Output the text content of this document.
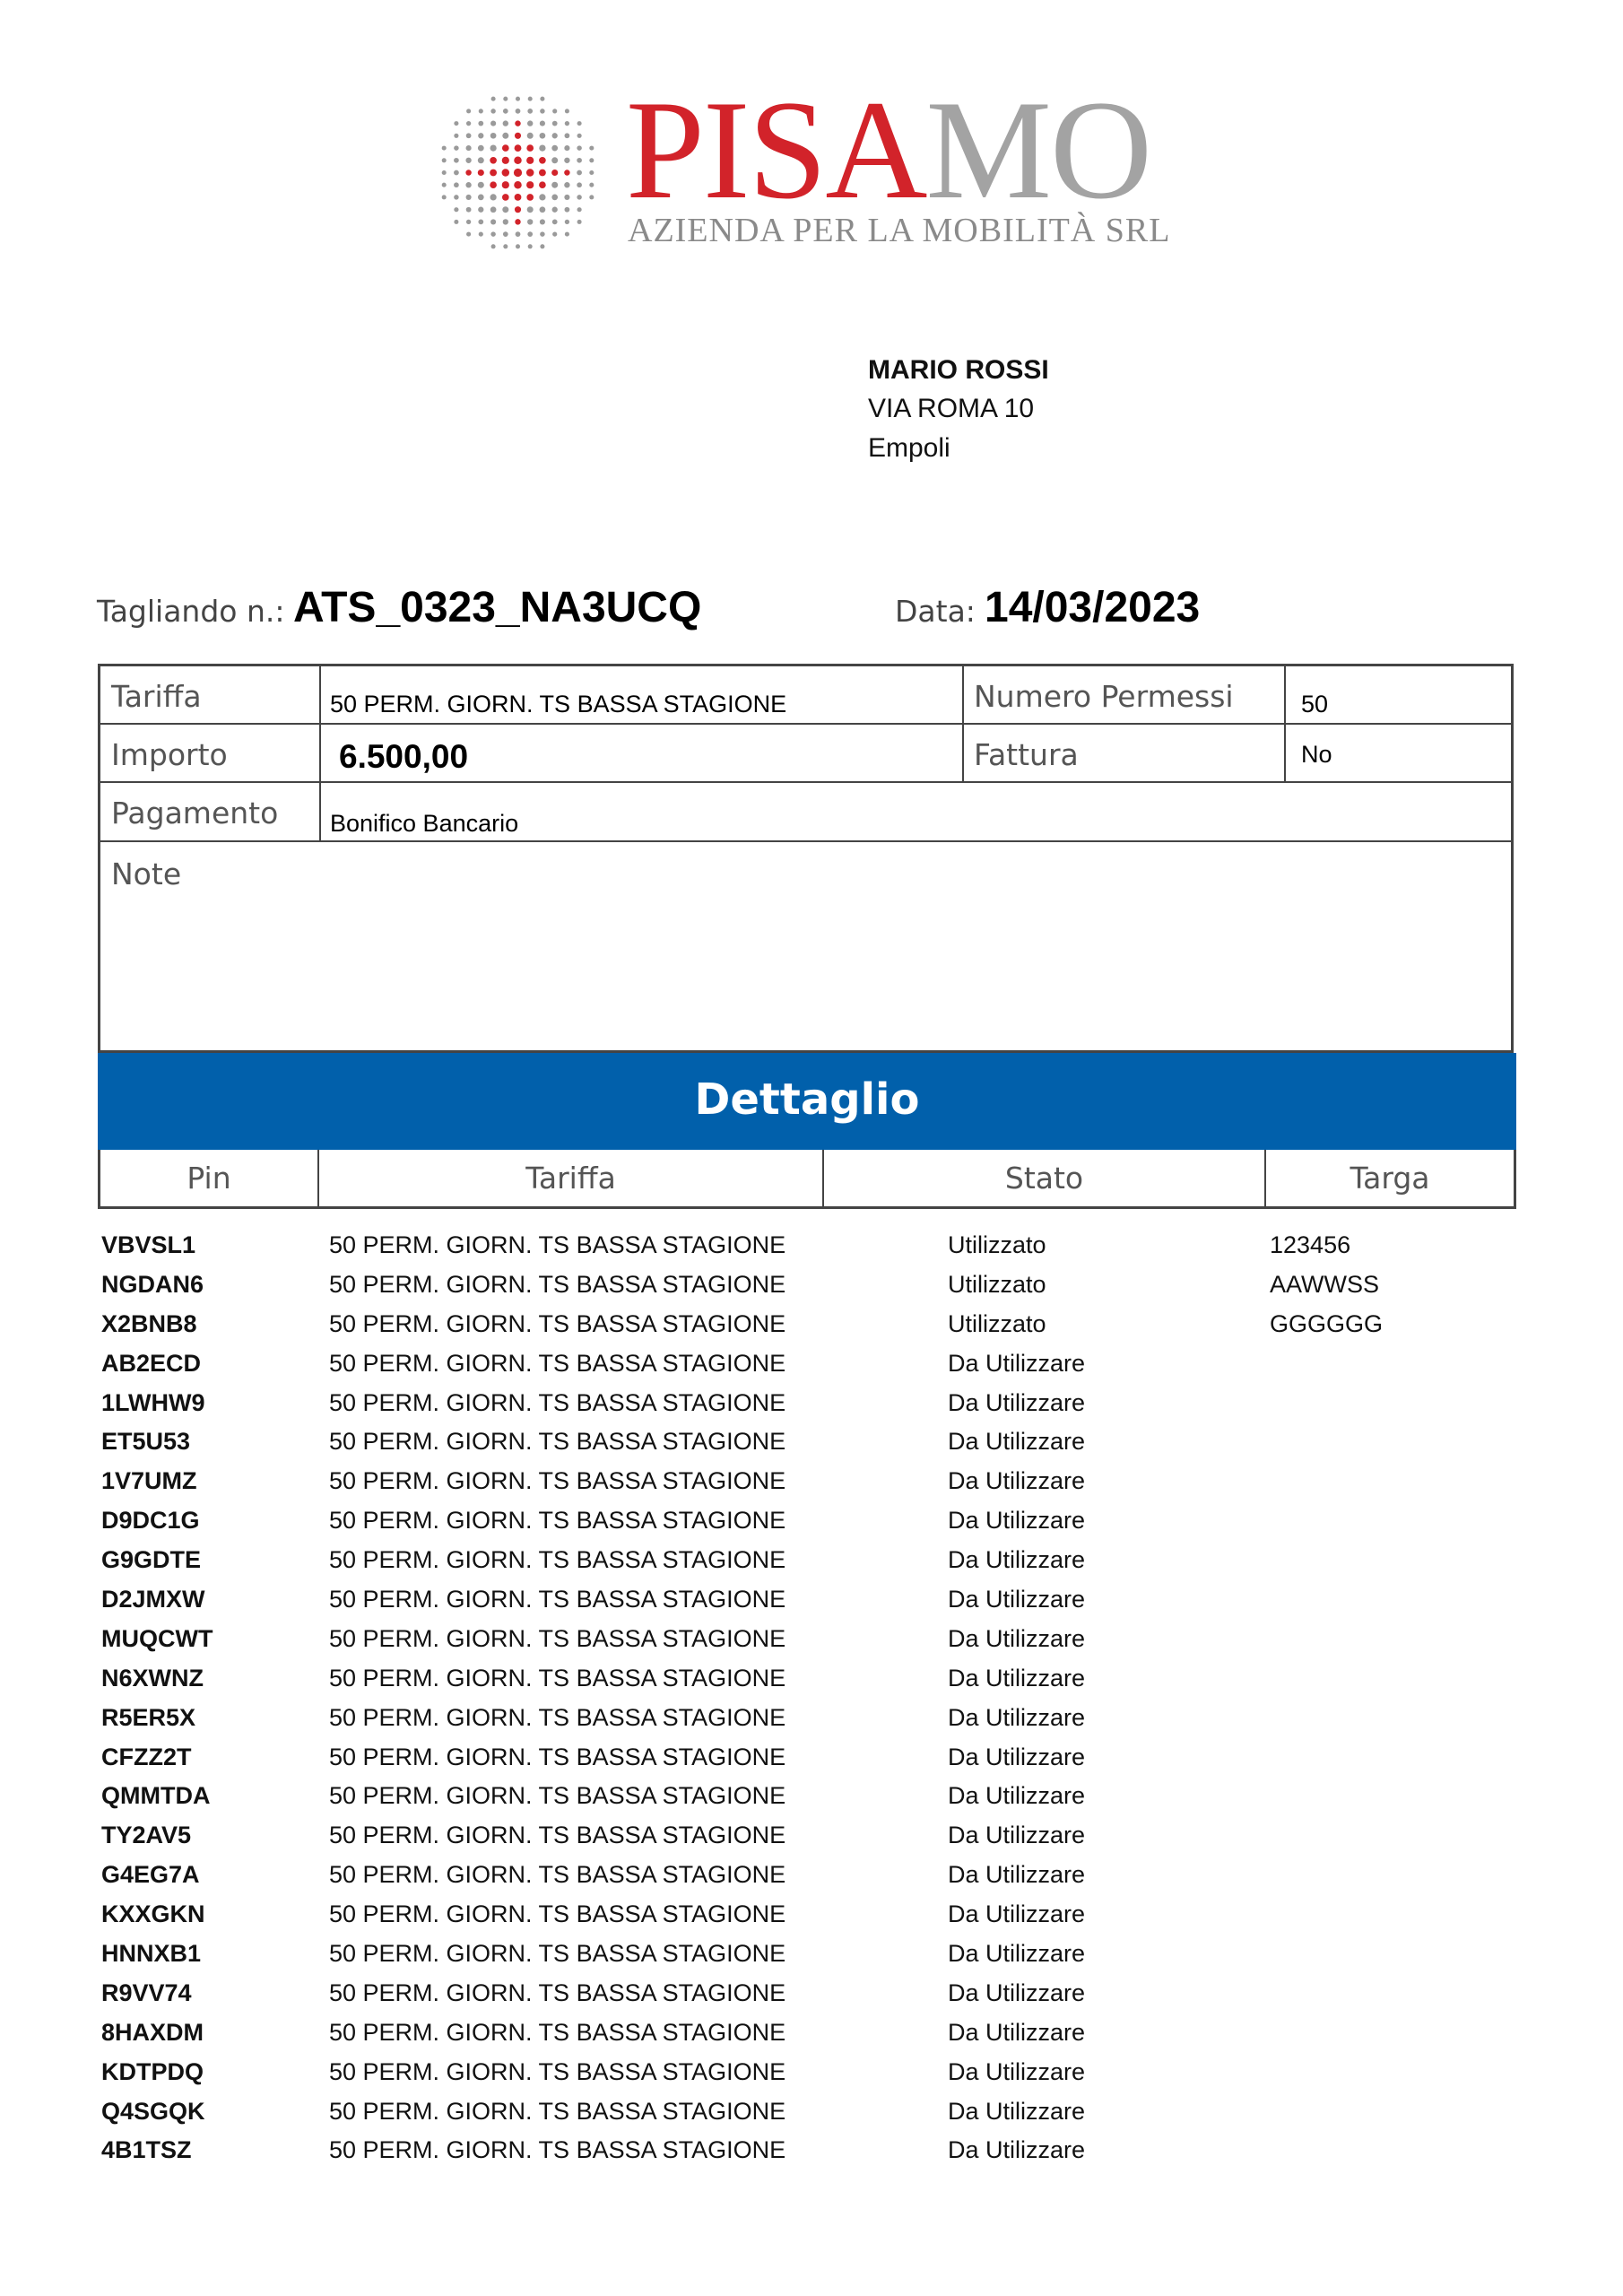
PISAMO
AZIENDA PER LA MOBILITÀ SRL
MARIO ROSSI
VIA ROMA 10
Empoli
Tagliando n.: ATS_0323_NA3UCQ	Data: 14/03/2023
Tariffa	50 PERM. GIORN. TS BASSA STAGIONE	Numero Permessi	50
Importo	6.500,00	Fattura	No
Pagamento Bonifico Bancario
Note
Dettaglio
Pin	Tariffa	Stato	Targa
VBVSL1	50 PERM. GIORN. TS BASSA STAGIONE	Utilizzato	123456
NGDAN6	50 PERM. GIORN. TS BASSA STAGIONE	Utilizzato	AAWWSS
X2BNB8	50 PERM. GIORN. TS BASSA STAGIONE	Utilizzato	GGGGGG
AB2ECD	50 PERM. GIORN. TS BASSA STAGIONE	Da Utilizzare
1LWHW9	50 PERM. GIORN. TS BASSA STAGIONE	Da Utilizzare
ET5U53	50 PERM. GIORN. TS BASSA STAGIONE	Da Utilizzare
1V7UMZ	50 PERM. GIORN. TS BASSA STAGIONE	Da Utilizzare
D9DC1G	50 PERM. GIORN. TS BASSA STAGIONE	Da Utilizzare
G9GDTE	50 PERM. GIORN. TS BASSA STAGIONE	Da Utilizzare
D2JMXW	50 PERM. GIORN. TS BASSA STAGIONE	Da Utilizzare
MUQCWT	50 PERM. GIORN. TS BASSA STAGIONE	Da Utilizzare
N6XWNZ	50 PERM. GIORN. TS BASSA STAGIONE	Da Utilizzare
R5ER5X	50 PERM. GIORN. TS BASSA STAGIONE	Da Utilizzare
CFZZ2T	50 PERM. GIORN. TS BASSA STAGIONE	Da Utilizzare
QMMTDA	50 PERM. GIORN. TS BASSA STAGIONE	Da Utilizzare
TY2AV5	50 PERM. GIORN. TS BASSA STAGIONE	Da Utilizzare
G4EG7A	50 PERM. GIORN. TS BASSA STAGIONE	Da Utilizzare
KXXGKN	50 PERM. GIORN. TS BASSA STAGIONE	Da Utilizzare
HNNXB1	50 PERM. GIORN. TS BASSA STAGIONE	Da Utilizzare
R9VV74	50 PERM. GIORN. TS BASSA STAGIONE	Da Utilizzare
8HAXDM	50 PERM. GIORN. TS BASSA STAGIONE	Da Utilizzare
KDTPDQ	50 PERM. GIORN. TS BASSA STAGIONE	Da Utilizzare
Q4SGQK	50 PERM. GIORN. TS BASSA STAGIONE	Da Utilizzare
4B1TSZ	50 PERM. GIORN. TS BASSA STAGIONE	Da Utilizzare
